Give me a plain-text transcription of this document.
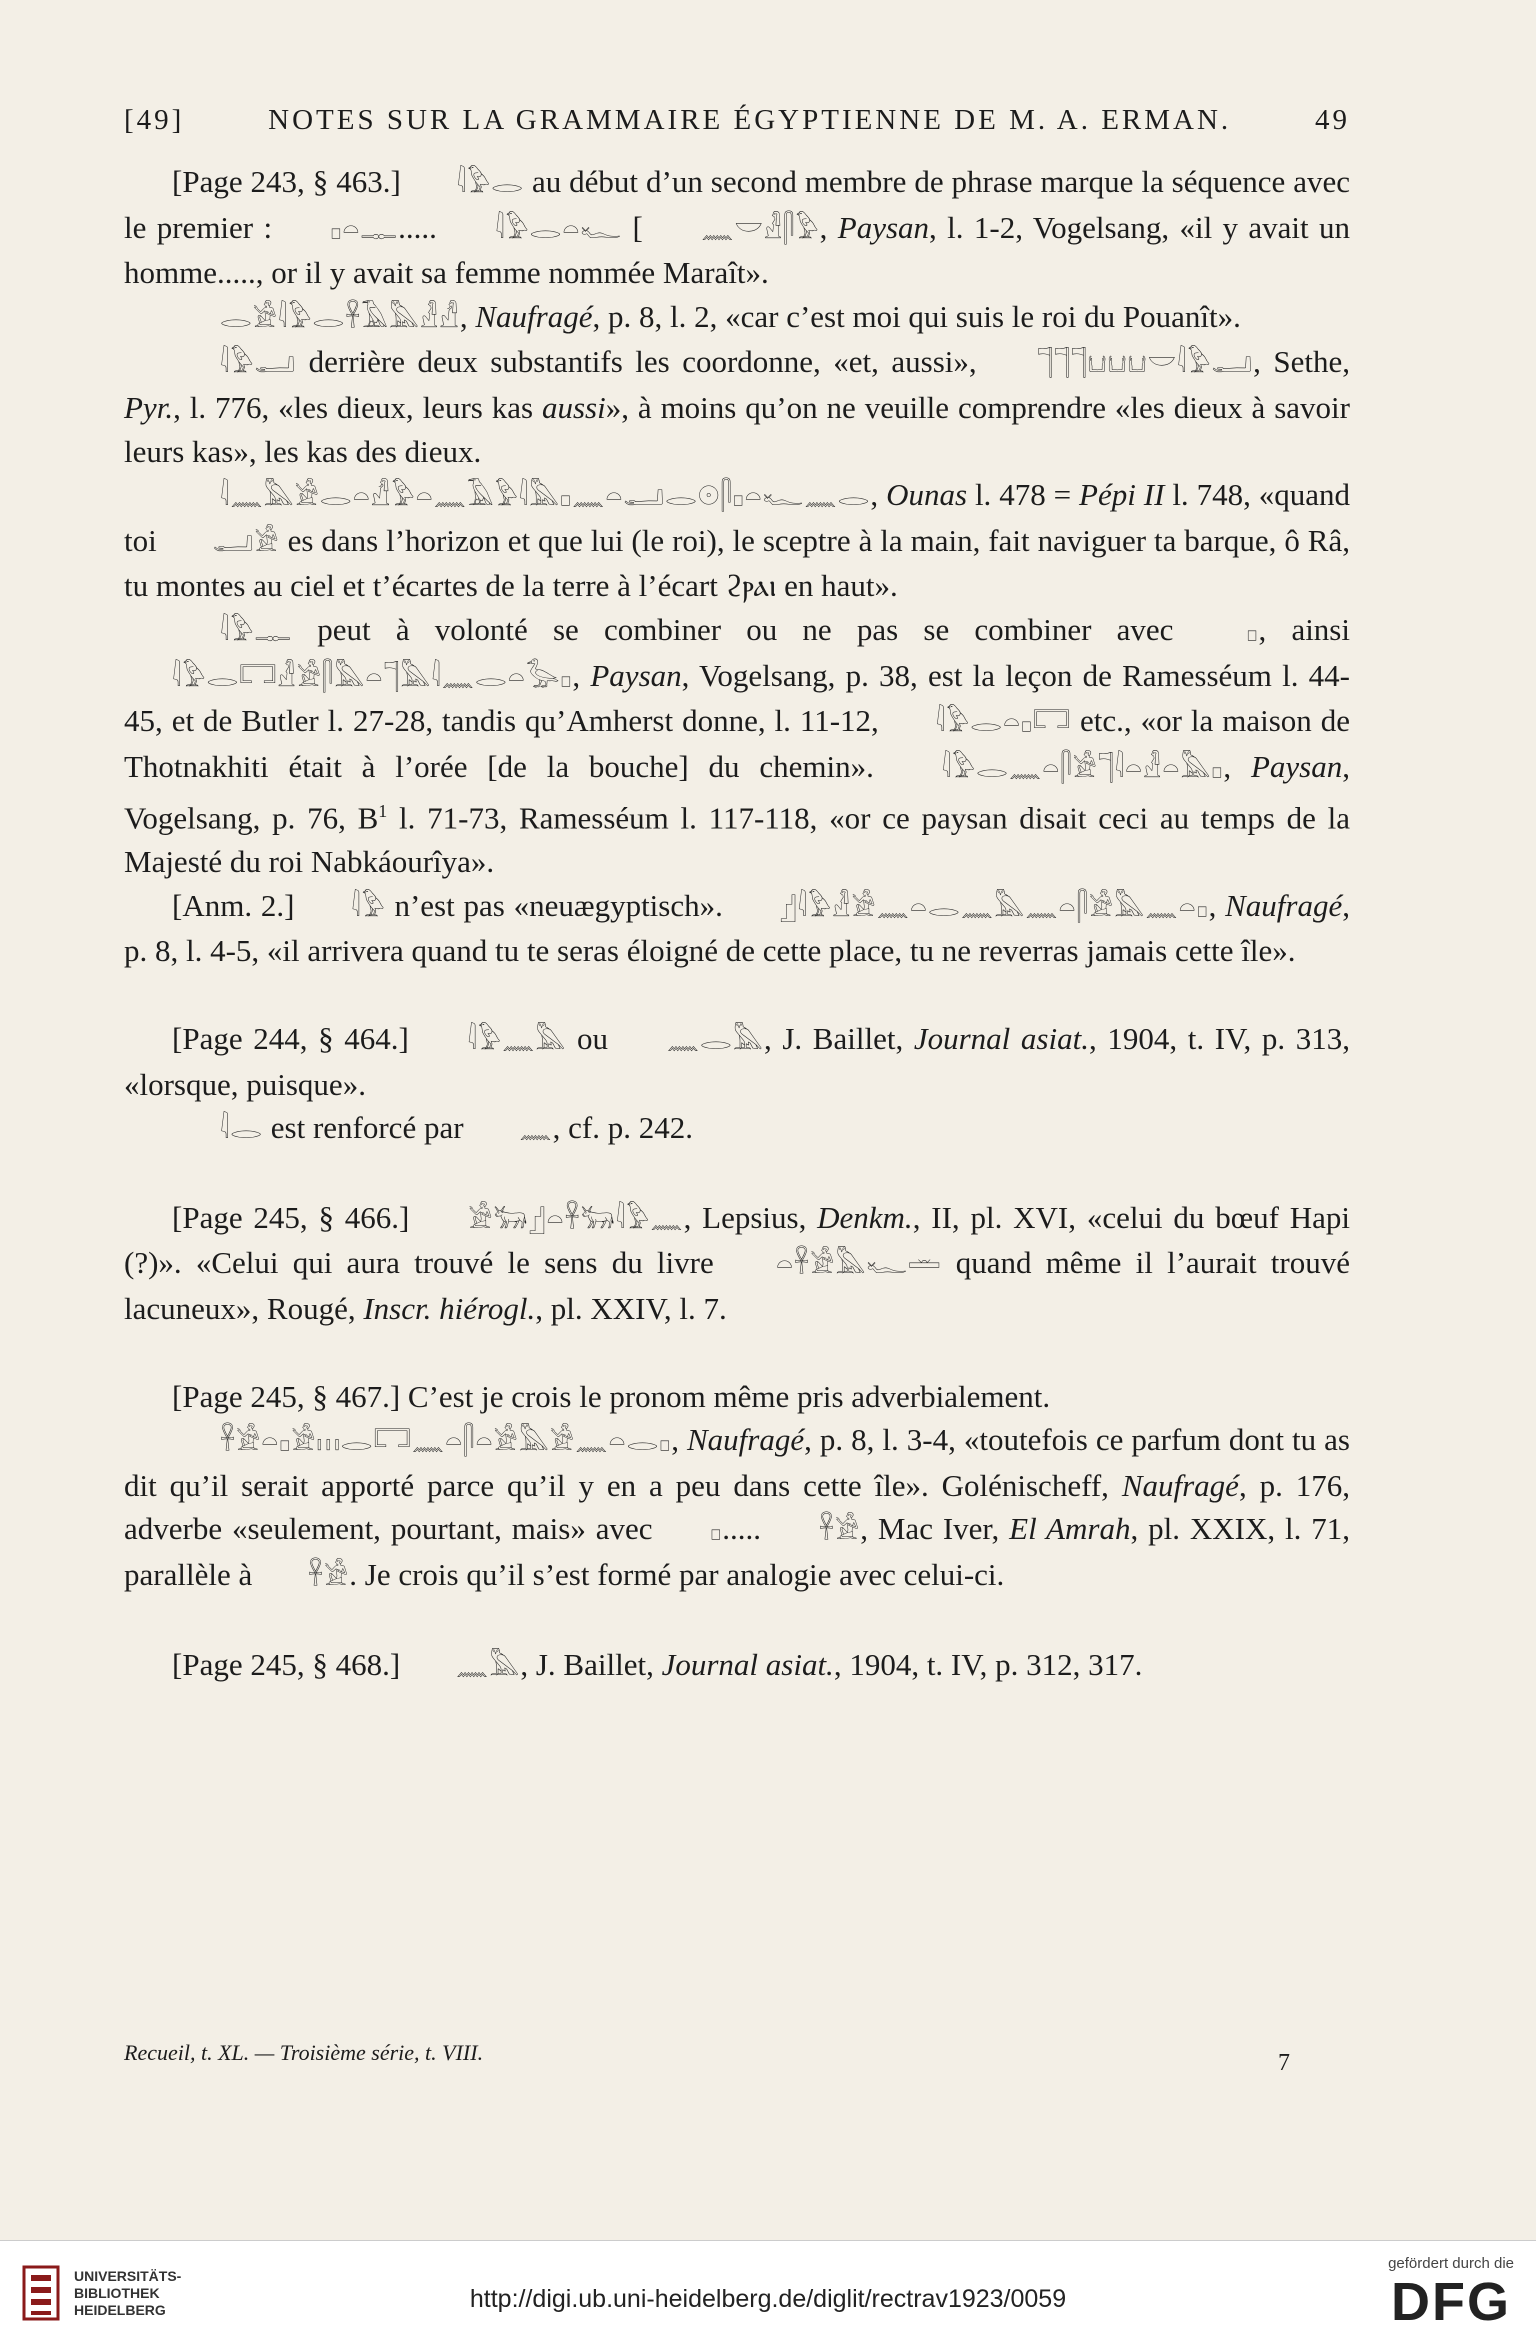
[49]	NOTES SUR LA GRAMMAIRE ÉGYPTIENNE DE M. A. ERMAN.	49

[Page 243, § 463.] 𓇋𓅱𓂋 au début d’un second membre de phrase marque la séquence avec le premier : 𓊪𓏏𓊃..... 𓇋𓅱𓂋𓏏𓆑 [ 𓈖𓎟𓁐𓋴𓅱, Paysan, l. 1-2, Vogelsang, «il y avait un homme....., or il y avait sa femme nommée Maraît».

𓂋𓀀𓇋𓅱𓂋𓋹𓄿𓅓𓁐𓀭, Naufragé, p. 8, l. 2, «car c’est moi qui suis le roi du Pouanît».

𓇋𓅱𓂝 derrière deux substantifs les coordonne, «et, aussi», 𓊹𓊹𓊹𓂓𓂓𓂓𓎟𓇋𓅱𓂝, Sethe, Pyr., l. 776, «les dieux, leurs kas aussi», à moins qu’on ne veuille comprendre «les dieux à savoir leurs kas», les kas des dieux.

𓇋𓈖𓅓𓀀𓂋𓏏𓀭𓅱𓏏𓈖𓄿𓅱𓇋𓅓𓊪𓈖𓏏𓂝𓂋𓇳𓋴𓊪𓏏𓆑𓈖𓂋, Ounas l. 478 = Pépi II l. 748, «quand toi 𓂝𓀀 es dans l’horizon et que lui (le roi), le sceptre à la main, fait naviguer ta barque, ô Râ, tu montes au ciel et t’écartes de la terre à l’écart ϩⲣⲁⲓ en haut».

𓇋𓅱𓊃 peut à volonté se combiner ou ne pas se combiner avec 𓊪, ainsi 𓇋𓅱𓂋𓉐𓁐𓀀𓋴𓅓𓏏𓊹𓅓𓇋𓈖𓂋𓏏𓅭𓊪, Paysan, Vogelsang, p. 38, est la leçon de Ramesséum l. 44-45, et de Butler l. 27-28, tandis qu’Amherst donne, l. 11-12, 𓇋𓅱𓂋𓏏𓊪𓉐 etc., «or la maison de Thotnakhiti était à l’orée [de la bouche] du chemin». 𓇋𓅱𓂋𓈖𓏏𓋴𓀀𓊹𓇋𓏏𓁐𓏏𓅓𓊪, Paysan, Vogelsang, p. 76, $B^1$ l. 71-73, Ramesséum l. 117-118, «or ce paysan disait ceci au temps de la Majesté du roi Nabkáourîya».

[Anm. 2.] 𓇋𓅱 n’est pas «neuægyptisch». 𓊨𓇋𓅱𓁐𓀀𓈖𓏏𓂋𓈖𓅓𓈖𓏏𓋴𓀀𓅓𓈖𓏏𓊪, Naufragé, p. 8, l. 4-5, «il arrivera quand tu te seras éloigné de cette place, tu ne reverras jamais cette île».

[Page 244, § 464.] 𓇋𓅱𓈖𓅓 ou 𓈖𓂋𓅓, J. Baillet, Journal asiat., 1904, t. IV, p. 313, «lorsque, puisque».

𓇋𓂋 est renforcé par 𓈖, cf. p. 242.

[Page 245, § 466.] 𓀀𓃒𓊨𓏏𓋹𓃒𓇋𓅱𓈖, Lepsius, Denkm., II, pl. XVI, «celui du bœuf Hapi (?)». «Celui qui aura trouvé le sens du livre 𓏏𓋹𓀀𓅓𓆑𓏛 quand même il l’aurait trouvé lacuneux», Rougé, Inscr. hiérogl., pl. XXIV, l. 7.

[Page 245, § 467.] C’est je crois le pronom même pris adverbialement.

𓋹𓀀𓏏𓊪𓀀𓏥𓂋𓉐𓈖𓏏𓋴𓏏𓀀𓅓𓀀𓈖𓏏𓂋𓊪, Naufragé, p. 8, l. 3-4, «toutefois ce parfum dont tu as dit qu’il serait apporté parce qu’il y en a peu dans cette île». Golénischeff, Naufragé, p. 176, adverbe «seulement, pourtant, mais» avec 𓊪..... 𓋹𓀀, Mac Iver, El Amrah, pl. XXIX, l. 71, parallèle à 𓋹𓀀. Je crois qu’il s’est formé par analogie avec celui-ci.

[Page 245, § 468.] 𓈖𓅓, J. Baillet, Journal asiat., 1904, t. IV, p. 312, 317.

Recueil, t. XL. — Troisième série, t. VIII.	7
UNIVERSITÄTS-
BIBLIOTHEK
HEIDELBERG	http://digi.ub.uni-heidelberg.de/diglit/rectrav1923/0059
gefördert durch die
DFG
